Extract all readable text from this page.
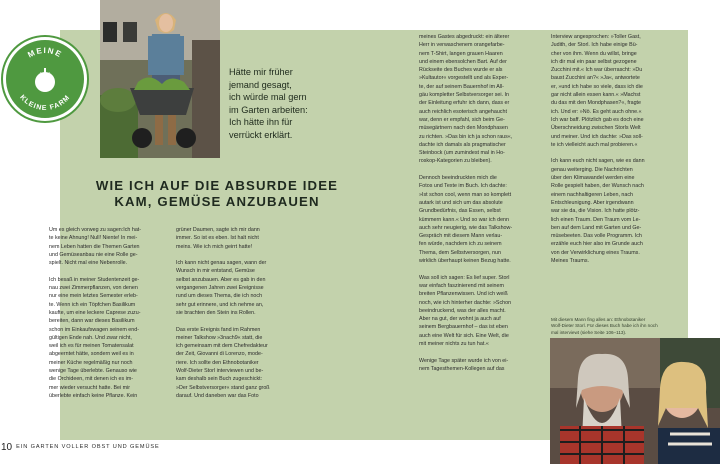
MEINE
KLEINE FARM
Hätte mir früher
jemand gesagt,
ich würde mal gern
im Garten arbeiten:
Ich hätte ihn für
verrückt erklärt.
WIE ICH AUF DIE ABSURDE IDEE
KAM, GEMÜSE ANZUBAUEN

Um es gleich vorweg zu sagen:Ich hat-
te keine Ahnung! Null! Niente! In mei-
nem Leben hatten die Themen Garten
und Gemüseanbau nie eine Rolle ge-
spielt. Nicht mal eine Nebenrolle.

Ich besaß in meiner Studentenzeit ge-
nau zwei Zimmerpflanzen, von denen
nur eine mein letztes Semester erleb-
te. Wenn ich ein Töpfchen Basilikum
kaufte, um eine leckere Caprese zuzu-
bereiten, dann war dieses Basilikum
schon im Einkaufswagen seinem end-
gültigen Ende nah. Und zwar nicht,
weil ich es für meinen Tomatensalat
abgeerntet hätte, sondern weil es in
meiner Küche regelmäßig nur noch
wenige Tage überlebte. Genauso wie
die Orchideen, mit denen ich es im-
mer wieder versucht hatte. Bei mir
überlebte einfach keine Pflanze. Kein

grüner Daumen, sagte ich mir dann
immer. So ist es eben. Ist halt nicht
meins. Wie ich mich geirrt hatte!

Ich kann nicht genau sagen, wann der
Wunsch in mir entstand, Gemüse
selbst anzubauen. Aber es gab in den
vergangenen Jahren zwei Ereignisse
rund um dieses Thema, die ich noch
sehr gut erinnere, und ich nehme an,
sie brachten den Stein ins Rollen.

Das erste Ereignis fand im Rahmen
meiner Talkshow »3nach9« statt, die
ich gemeinsam mit dem Chefredakteur
der Zeit, Giovanni di Lorenzo, mode-
riere. Ich sollte den Ethnobotaniker
Wolf-Dieter Storl interviewen und be-
kam deshalb sein Buch zugeschickt:
»Der Selbstversorger« stand ganz groß
darauf. Und daneben war das Foto

meines Gastes abgedruckt: ein älterer
Herr in verwaschenem orangefarbe-
nem T-Shirt, langen grauen Haaren
und einem ebensolchen Bart. Auf der
Rückseite des Buches wurde er als
»Kultautor« vorgestellt und als Exper-
te, der auf seinem Bauernhof im All-
gäu kompletter Selbstversorger sei. In
der Einleitung erfuhr ich dann, dass er
auch reichlich esoterisch angehaucht
war, denn er empfahl, sich beim Ge-
müsegärtnern nach den Mondphasen
zu richten. »Das bin ich ja schon raus«,
dachte ich damals als pragmatischer
Steinbock (um zumindest mal in Ho-
roskop-Kategorien zu bleiben).

Dennoch beeindruckten mich die
Fotos und Texte im Buch. Ich dachte:
»Ist schon cool, wenn man so komplett
autark ist und sich um das absolute
Grundbedürfnis, das Essen, selbst
kümmern kann.« Und so war ich denn
auch sehr neugierig, wie das Talkshow-
Gespräch mit diesem Mann verlau-
fen würde, nachdem ich zu seinem
Thema, dem Selbstversorgen, nun
wirklich überhaupt keinen Bezug hatte.

Was soll ich sagen: Es lief super. Storl
war einfach faszinierend mit seinem
breiten Pflanzenwissen. Und ich weiß
noch, wie ich hinterher dachte: »Schon
beeindruckend, was der alles macht.
Aber na gut, der wohnt ja auch auf
seinem Bergbauernhof – das ist eben
auch eine Welt für sich. Eine Welt, die
mit meiner nichts zu tun hat.«

Wenige Tage später wurde ich von ei-
nem Tagesthemen-Kollegen auf das

Interview angesprochen: »Toller Gast,
Judith, der Storl. Ich habe einige Bü-
cher von ihm. Wenn du willst, bringe
ich dir mal ein paar selbst gezogene
Zucchini mit.« Ich war überrascht: »Du
baust Zucchini an?« »Ja«, antwortete
er, »und ich habe so viele, dass ich die
gar nicht allein essen kann.« »Machst
du das mit den Mondphasen?«, fragte
ich. Und er: »Nö. Es geht auch ohne.«
Ich war baff. Plötzlich gab es doch eine
Überschneidung zwischen Storls Welt
und meiner. Und ich dachte: »Das soll-
te ich vielleicht auch mal probieren.«

Ich kann euch nicht sagen, wie es dann
genau weiterging. Die Nachrichten
über den Klimawandel werden eine
Rolle gespielt haben, der Wunsch nach
einem nachhaltigeren Leben, nach
Entschleunigung. Aber irgendwann
war sie da, die Vision. Ich hatte plötz-
lich einen Traum. Den Traum vom Le-
ben auf dem Land mit Garten und Ge-
müsebeeten. Das volle Programm. Ich
erzähle euch hier also im Grunde auch
von der Verwirklichung eines Traums.
Meines Traums.

Mit diesem Mann fing alles an: Ethnobotaniker
Wolf-Dieter Storl. Für dieses Buch habe ich ihn noch
mal interviewt (siehe Seite 106–113).
10 EIN GARTEN VOLLER OBST UND GEMÜSE
